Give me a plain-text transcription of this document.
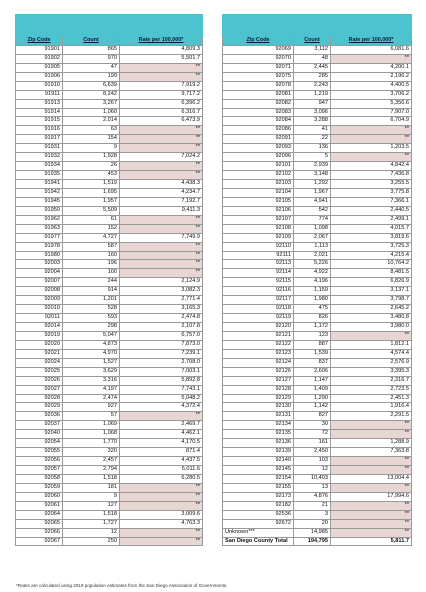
Zip Code	Count	Rate per 100,000*
91901	865	4,809.3
91902	970	5,501.7
91905	47	**
91906	199	**
91910	6,639	7,919.2
91911	8,242	9,717.2
91913	3,267	6,396.2
91914	1,060	6,316.7
91915	2,014	6,473.9
91916	63	**
91917	154	**
91931	9	**
91932	1,928	7,024.2
91934	26	**
91935	453	**
91941	1,519	4,438.3
91942	1,695	4,234.7
91945	1,957	7,192.7
91950	5,509	9,411.3
91962	61	**
91963	152	**
91977	4,727	7,749.9
91978	587	**
91980	160	**
92003	196	**
92004	100	**
92007	244	2,124.9
92008	914	3,082.3
92009	1,201	2,771.4
92010	528	3,165.3
92011	593	2,474.8
92014	298	2,107.8
92019	5,047	6,757.0
92020	4,873	7,873.0
92021	4,970	7,239.1
92024	1,527	2,708.0
92025	3,629	7,003.1
92026	3,316	5,892.8
92027	4,197	7,743.1
92028	2,474	5,048.2
92029	927	4,372.4
92036	57	**
92037	1,069	2,469.7
92040	1,068	4,462.1
92054	1,770	4,170.5
92055	320	871.4
92056	2,457	4,437.5
92057	2,794	5,011.6
92058	1,518	6,280.5
92059	181	**
92060	9	**
92061	127	**
92064	1,518	3,009.6
92065	1,727	4,763.3
92066	12	**
92067	250	**

Zip Code	Count	Rate per 100,000*
92069	3,112	6,081.6
92070	48	**
92071	2,445	4,200.1
92075	285	2,196.2
92078	2,243	4,400.5
92081	1,219	3,706.2
92082	947	5,356.6
92083	3,096	7,907.0
92084	3,288	6,704.9
92086	41	**
92091	22	**
92093	136	1,203.5
92096	5	**
92101	2,939	4,842.4
92102	3,148	7,436.8
92103	1,292	3,255.5
92104	1,967	3,775.8
92105	4,941	7,366.1
92106	542	2,440.5
92107	774	2,499.1
92108	1,098	4,015.7
92109	2,067	3,819.6
92110	1,113	3,725.3
92111	2,021	4,215.4
92113	5,226	10,764.2
92114	4,922	8,481.5
92115	4,196	6,826.9
92116	1,159	3,137.1
92117	1,980	3,798.7
92118	475	2,645.2
92119	826	3,480.8
92120	1,172	3,980.0
92121	123	**
92122	887	1,812.1
92123	1,539	4,574.4
92124	837	2,576.9
92126	2,606	3,395.3
92127	1,147	2,316.7
92128	1,409	2,723.5
92129	1,290	2,451.3
92130	1,142	1,916.4
92131	827	2,291.5
92134	30	**
92135	72	**
92136	161	1,288.9
92139	2,450	7,363.8
92140	103	**
92145	12	**
92154	10,403	13,004.4
92155	13	**
92173	4,876	17,994.6
92182	21	**
92536	3	**
92672	20	**
Unknown***	14,985	**
San Diego County Total	194,795	5,811.7
*Rates are calculated using 2019 population estimates from the San Diego Association of Governments.
